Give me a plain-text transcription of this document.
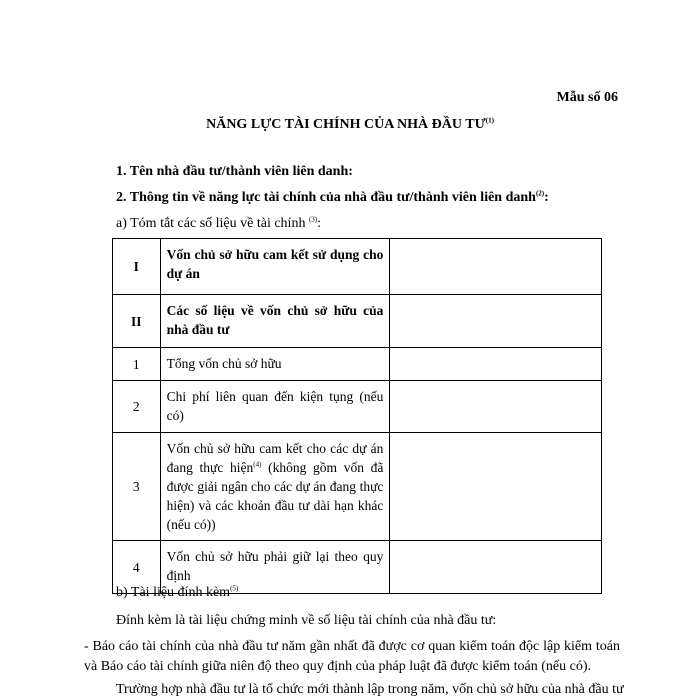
Mẫu số 06
NĂNG LỰC TÀI CHÍNH CỦA NHÀ ĐẦU TƯ$^{(1)}$
1. Tên nhà đầu tư/thành viên liên danh:
2. Thông tin về năng lực tài chính của nhà đầu tư/thành viên liên danh$^{(2)}$:
a) Tóm tắt các số liệu về tài chính $^{(3)}$:
I	Vốn chủ sở hữu cam kết sử dụng cho dự án	
II	Các số liệu về vốn chủ sở hữu của nhà đầu tư	
1	Tổng vốn chủ sở hữu	
2	Chi phí liên quan đến kiện tụng (nếu có)	
3	Vốn chủ sở hữu cam kết cho các dự án đang thực hiện$^{(4)}$ (không gồm vốn đã được giải ngân cho các dự án đang thực hiện) và các khoản đầu tư dài hạn khác (nếu có))	
4	Vốn chủ sở hữu phải giữ lại theo quy định	
b) Tài liệu đính kèm$^{(5)}$
Đính kèm là tài liệu chứng minh về số liệu tài chính của nhà đầu tư:
- Báo cáo tài chính của nhà đầu tư năm gần nhất đã được cơ quan kiểm toán độc lập kiểm toán và Báo cáo tài chính giữa niên độ theo quy định của pháp luật đã được kiểm toán (nếu có).
Trường hợp nhà đầu tư là tổ chức mới thành lập trong năm, vốn chủ sở hữu của nhà đầu tư
